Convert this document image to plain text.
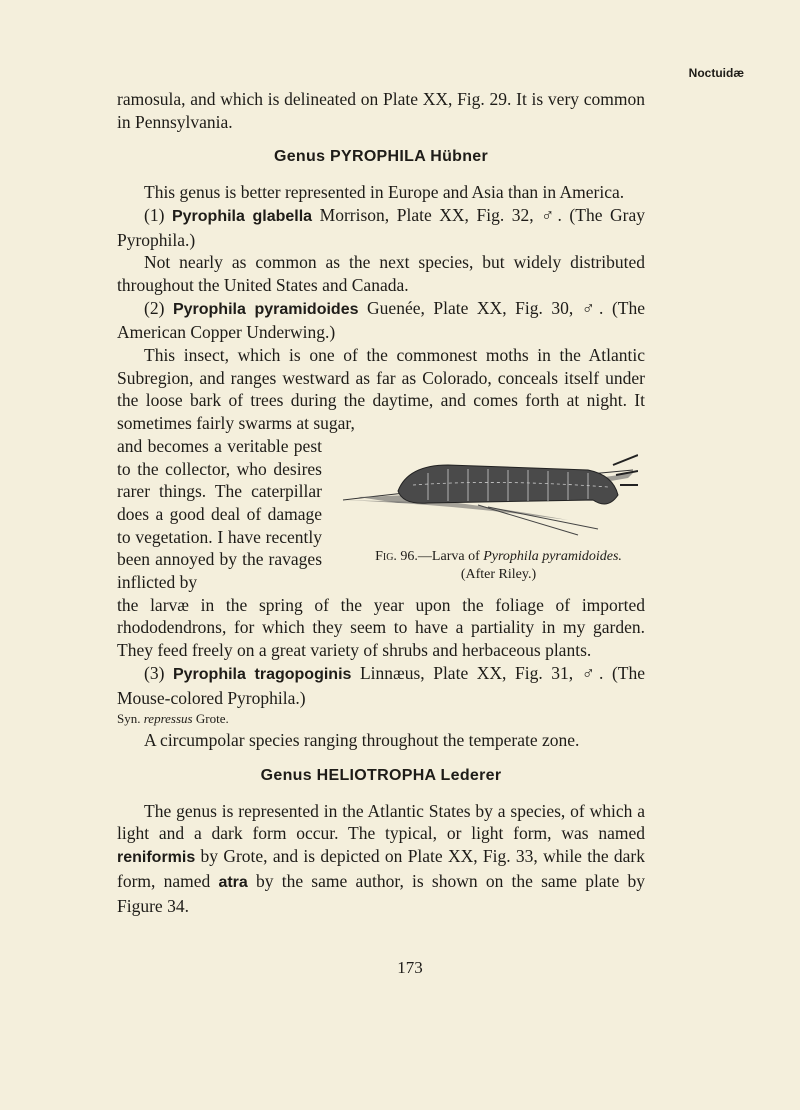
Noctuidæ

ramosula, and which is delineated on Plate XX, Fig. 29. It is very common in Pennsylvania.

Genus PYROPHILA Hübner

This genus is better represented in Europe and Asia than in America.

(1) Pyrophila glabella Morrison, Plate XX, Fig. 32, ♂. (The Gray Pyrophila.)

Not nearly as common as the next species, but widely distributed throughout the United States and Canada.

(2) Pyrophila pyramidoides Guenée, Plate XX, Fig. 30, ♂. (The American Copper Underwing.)

This insect, which is one of the commonest moths in the Atlantic Subregion, and ranges westward as far as Colorado, conceals itself under the loose bark of trees during the daytime, and comes forth at night. It sometimes fairly swarms at sugar,

and becomes a veritable pest to the collector, who desires rarer things. The caterpillar does a good deal of damage to vegetation. I have recently been annoyed by the ravages inflicted by

Fig. 96.—Larva of Pyrophila pyramidoides.
(After Riley.)

the larvæ in the spring of the year upon the foliage of imported rhododendrons, for which they seem to have a partiality in my garden. They feed freely on a great variety of shrubs and herbaceous plants.

(3) Pyrophila tragopoginis Linnæus, Plate XX, Fig. 31, ♂. (The Mouse-colored Pyrophila.)

Syn. repressus Grote.

A circumpolar species ranging throughout the temperate zone.

Genus HELIOTROPHA Lederer

The genus is represented in the Atlantic States by a species, of which a light and a dark form occur. The typical, or light form, was named reniformis by Grote, and is depicted on Plate XX, Fig. 33, while the dark form, named atra by the same author, is shown on the same plate by Figure 34.

173
